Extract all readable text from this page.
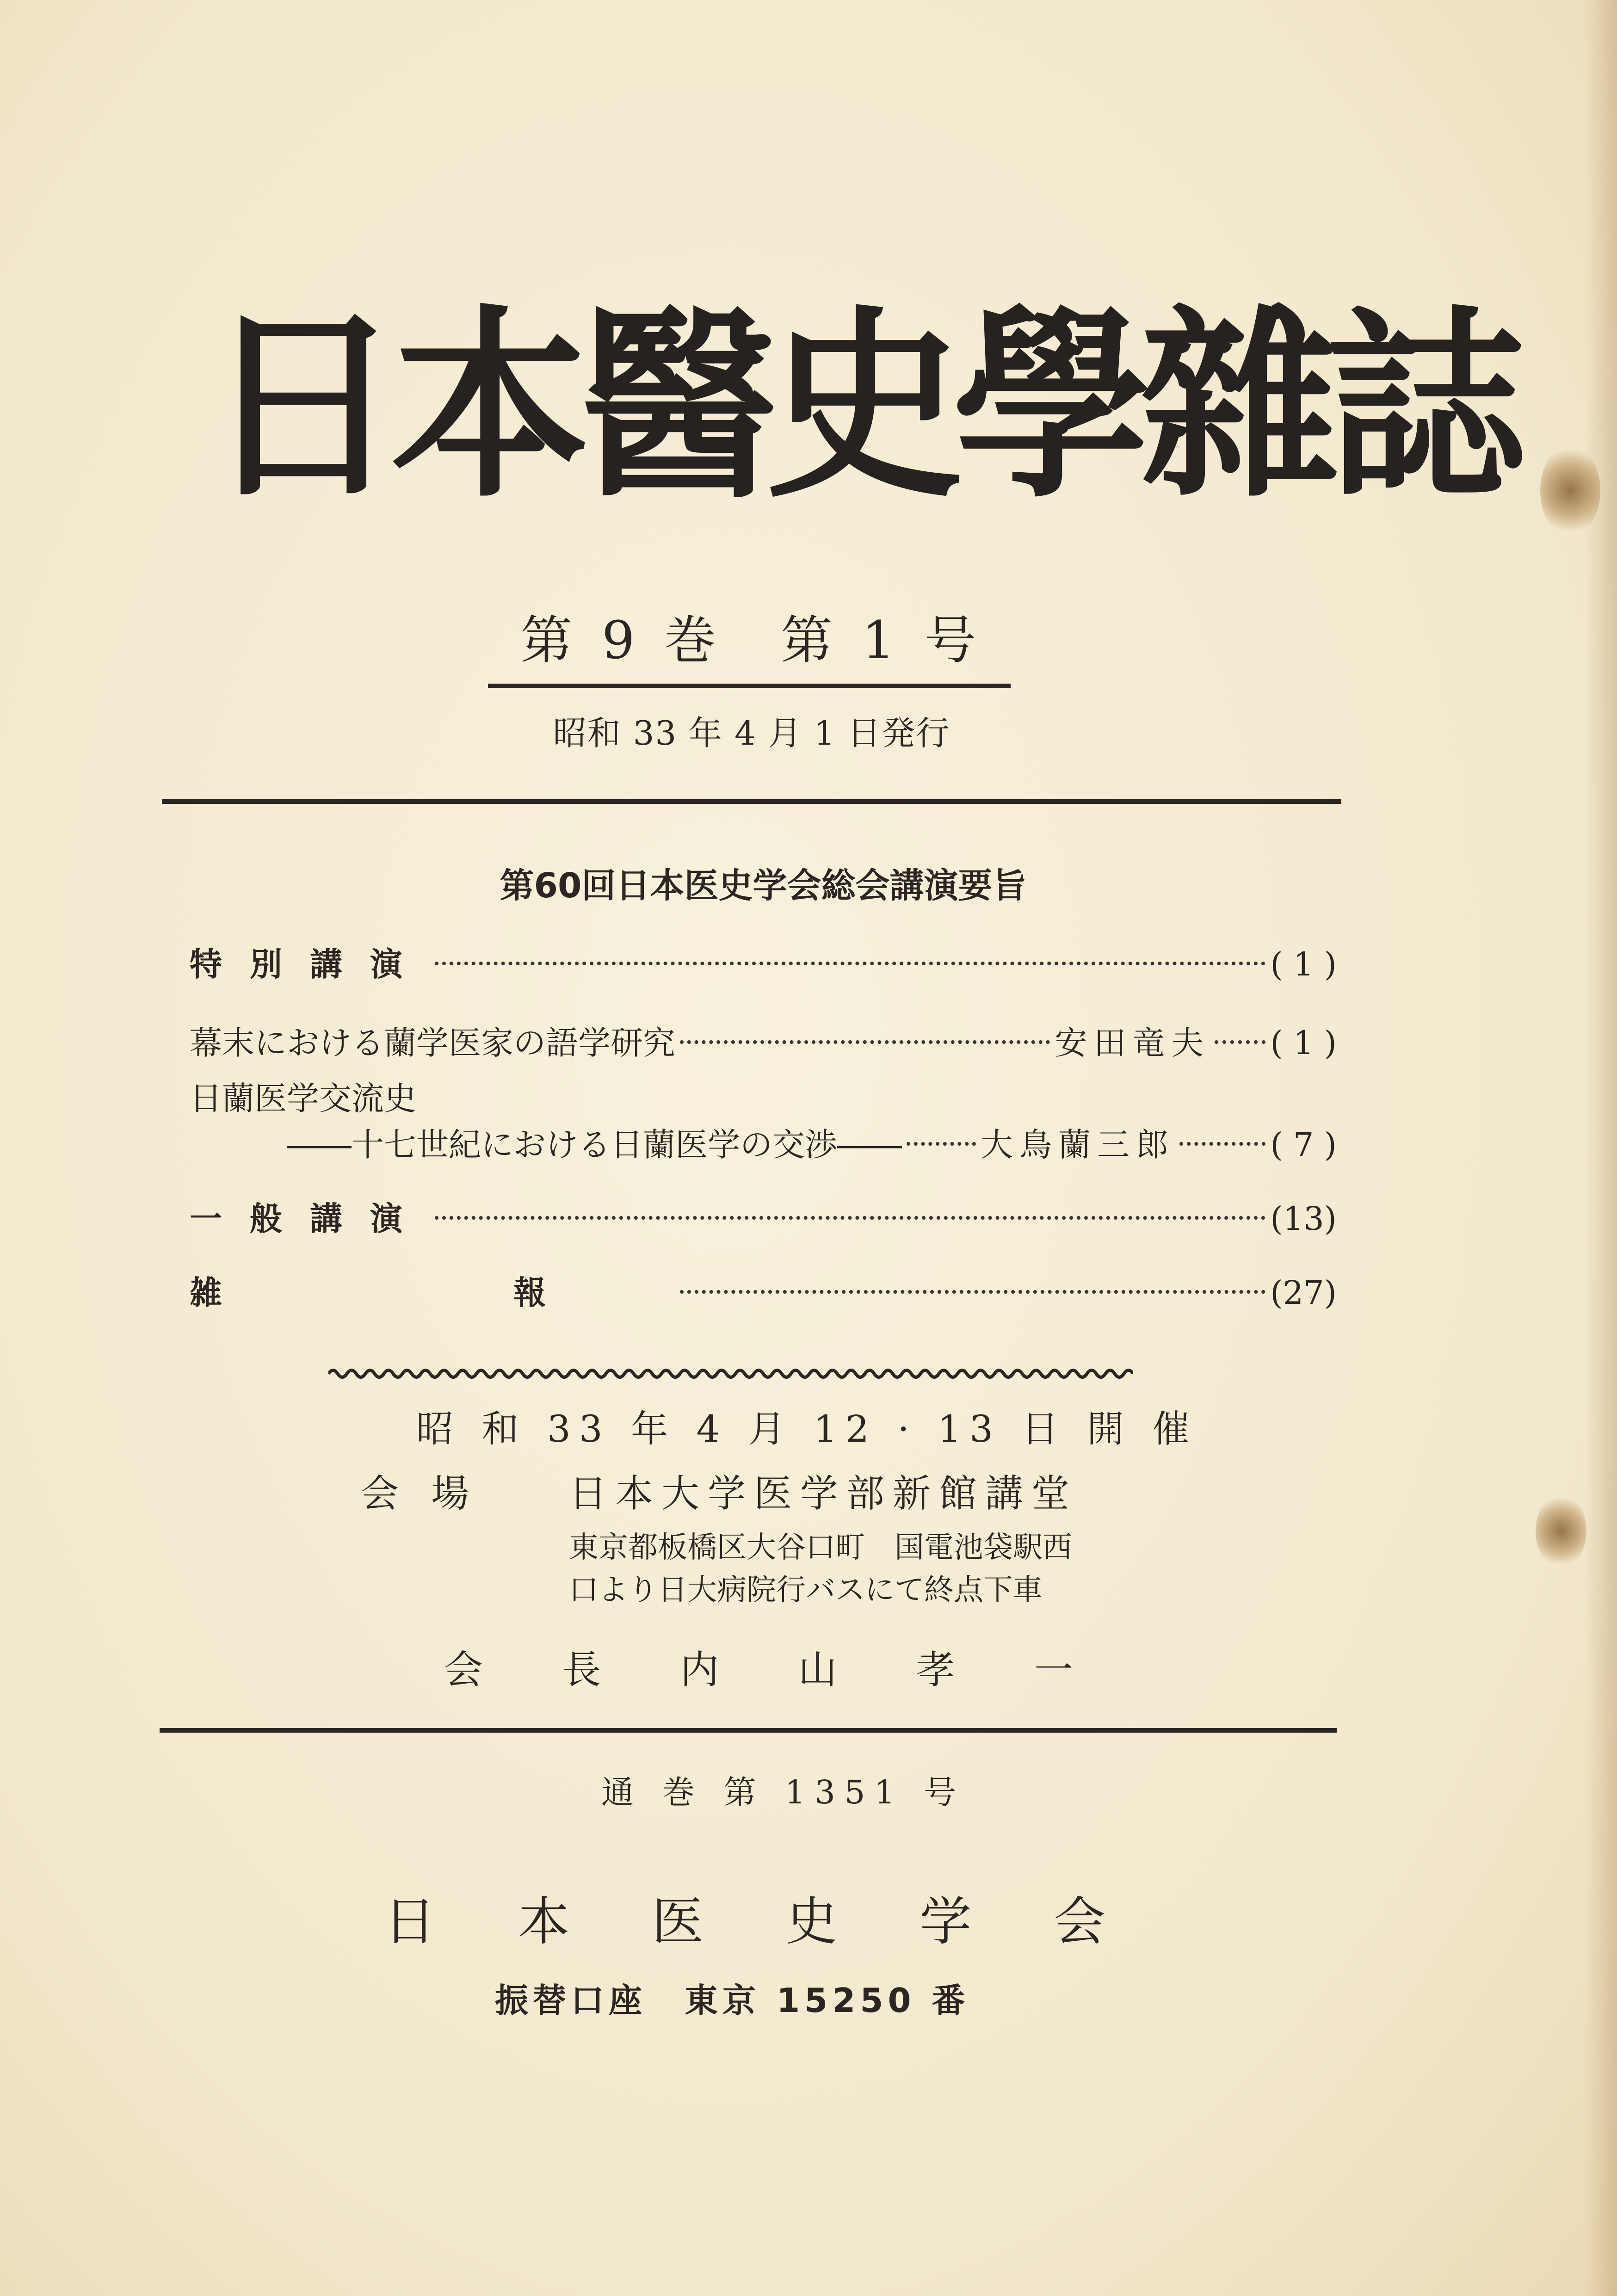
日本醫史學雜誌
第 9 巻　第 1 号
昭和 33 年 4 月 1 日発行
第60回日本医史学会総会講演要旨
特別講演	( 1 )
幕末における蘭学医家の語学研究	安田竜夫 ( 1 )
日蘭医学交流史
――十七世紀における日蘭医学の交渉―― 大鳥蘭三郎	( 7 )
一般講演	(13)
雑　報	(27)
昭 和 33 年 4 月 12 · 13 日 開 催
会場 日本大学医学部新館講堂
東京都板橋区大谷口町　国電池袋駅西
口より日大病院行バスにて終点下車
会 長 内 山 孝 一
通 巻 第 1351 号
日 本 医 史 学 会
振替口座　東京 15250 番
